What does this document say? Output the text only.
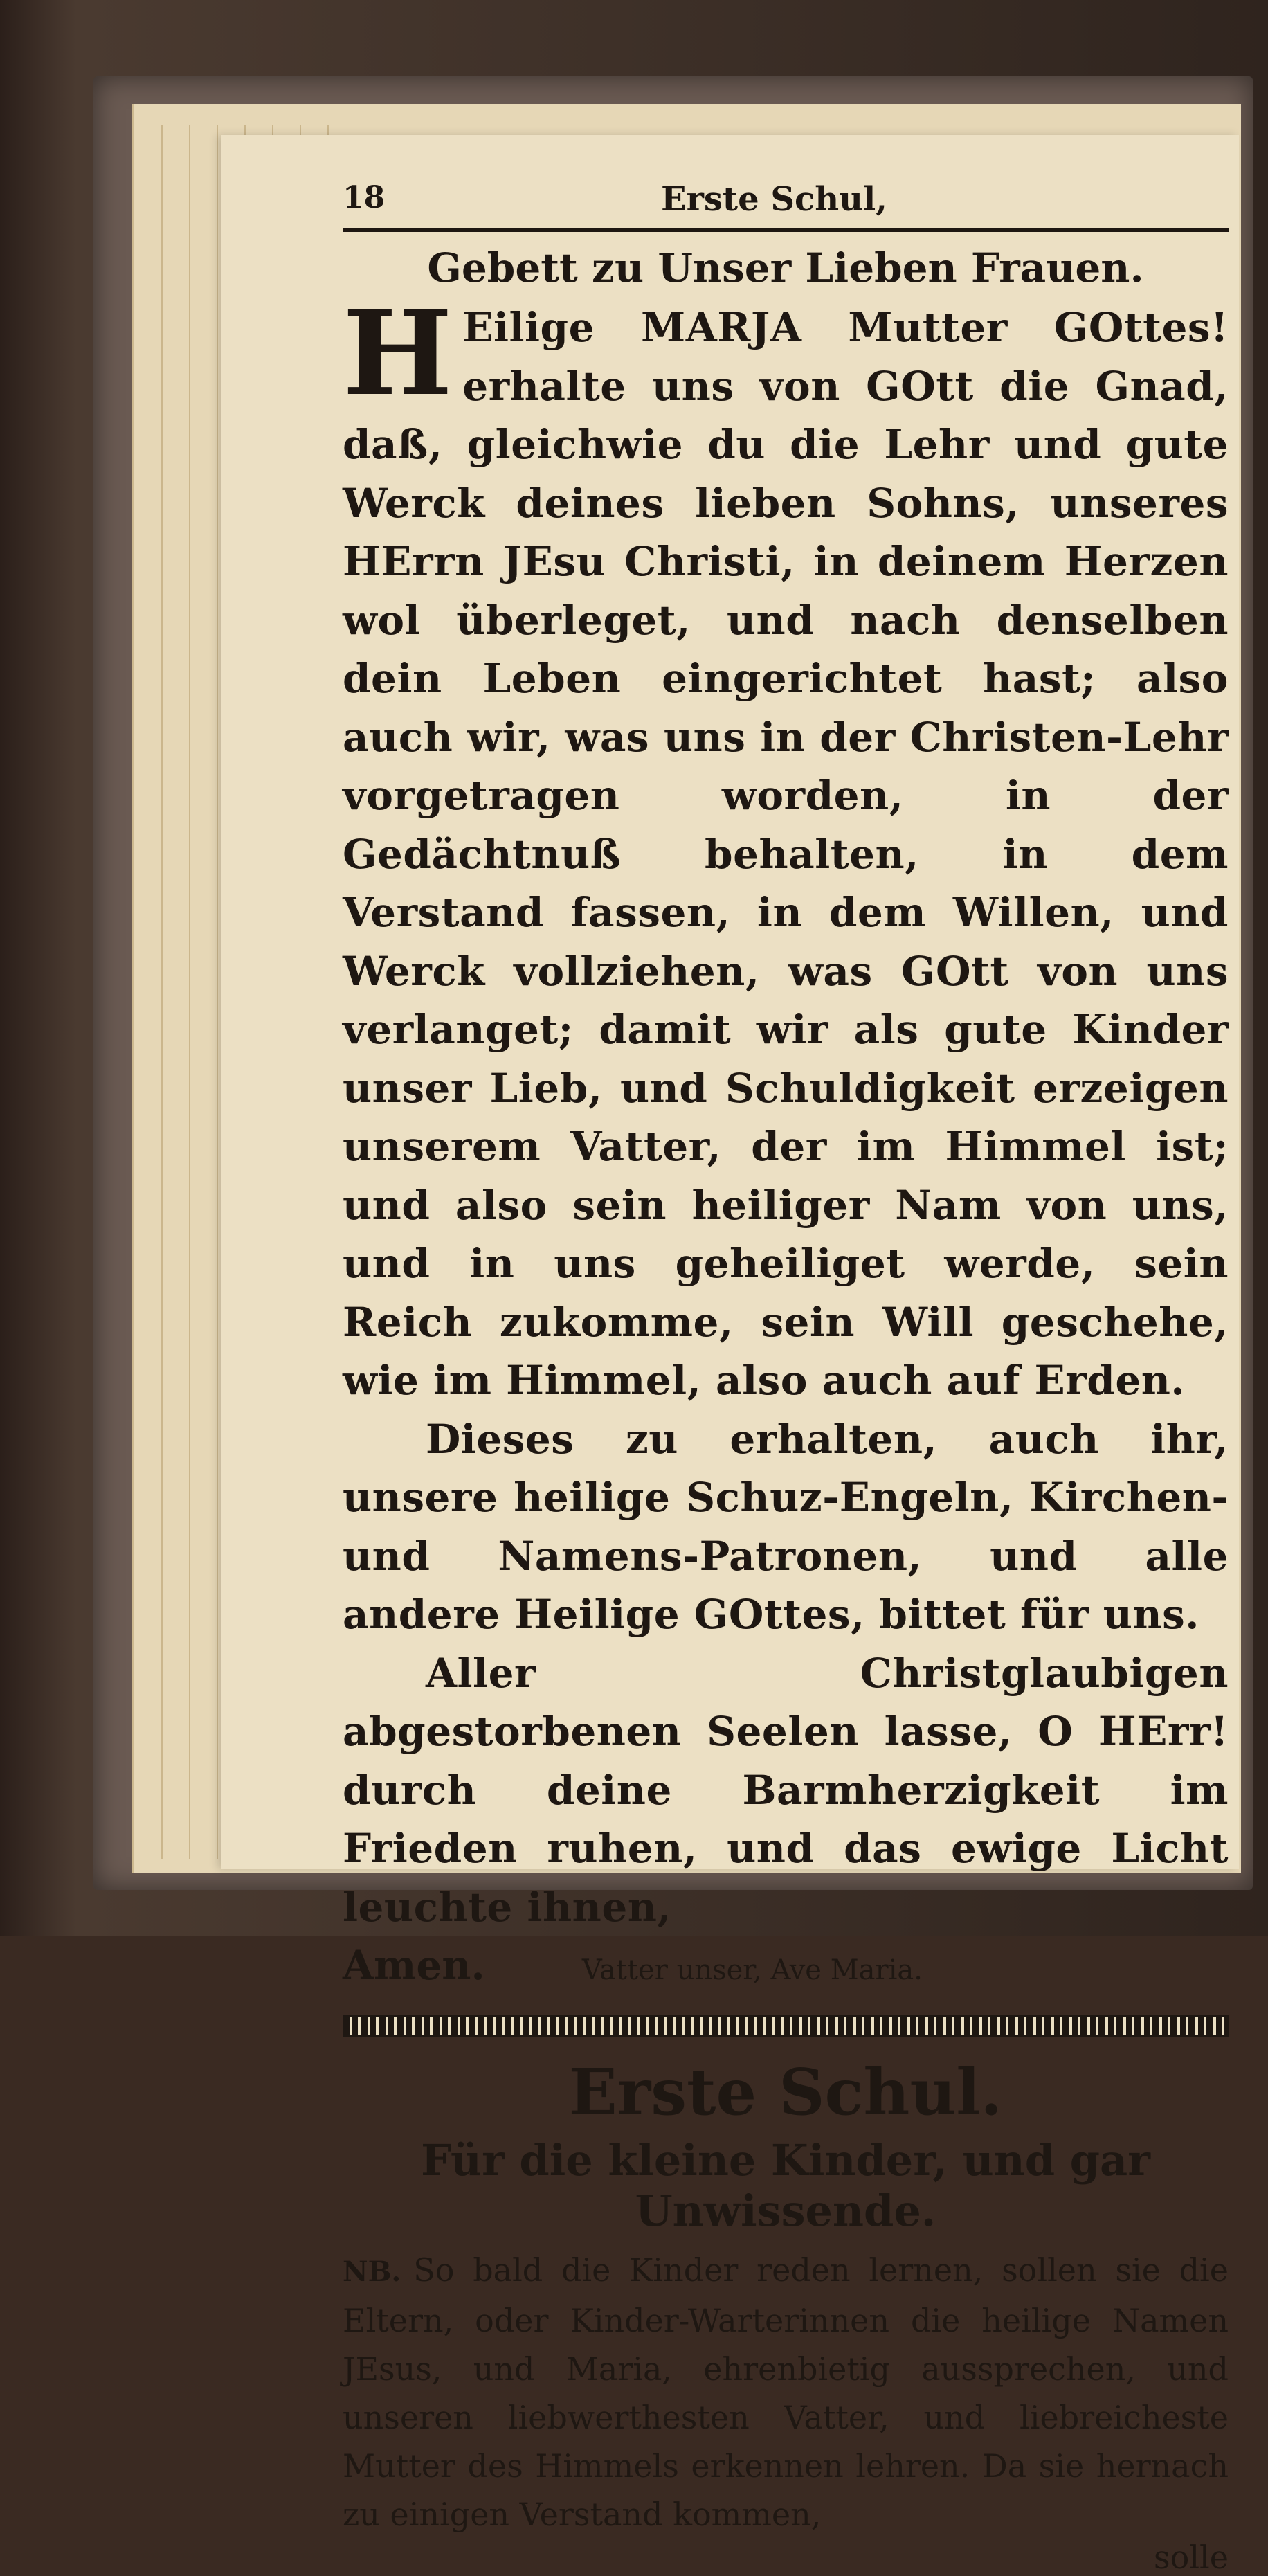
18	Erste Schul,
Gebett zu Unser Lieben Frauen.

H Eilige MARJA Mutter GOttes! erhalte uns von GOtt die Gnad, daß, gleichwie du die Lehr und gute Werck deines lieben Sohns, unseres HErrn JEsu Christi, in deinem Herzen wol überleget, und nach denselben dein Leben eingerichtet hast; also auch wir, was uns in der Christen-Lehr vorgetragen worden, in der Gedächtnuß behalten, in dem Verstand fassen, in dem Willen, und Werck vollziehen, was GOtt von uns verlanget; damit wir als gute Kinder unser Lieb, und Schuldigkeit erzeigen unserem Vatter, der im Himmel ist; und also sein heiliger Nam von uns, und in uns geheiliget werde, sein Reich zukomme, sein Will geschehe, wie im Himmel, also auch auf Erden.

Dieses zu erhalten, auch ihr, unsere heilige Schuz-Engeln, Kirchen-und Namens-Patronen, und alle andere Heilige GOttes, bittet für uns.

Aller Christglaubigen abgestorbenen Seelen lasse, O HErr! durch deine Barmherzigkeit im Frieden ruhen, und das ewige Licht leuchte ihnen,

Amen.	Vatter unser, Ave Maria.
Erste Schul.
Für die kleine Kinder, und gar Unwissende.

NB. So bald die Kinder reden lernen, sollen sie die Eltern, oder Kinder-Warterinnen die heilige Namen JEsus, und Maria, ehrenbietig aussprechen, und unseren liebwerthesten Vatter, und liebreicheste Mutter des Himmels erkennen lehren. Da sie hernach zu einigen Verstand kommen,

solle
